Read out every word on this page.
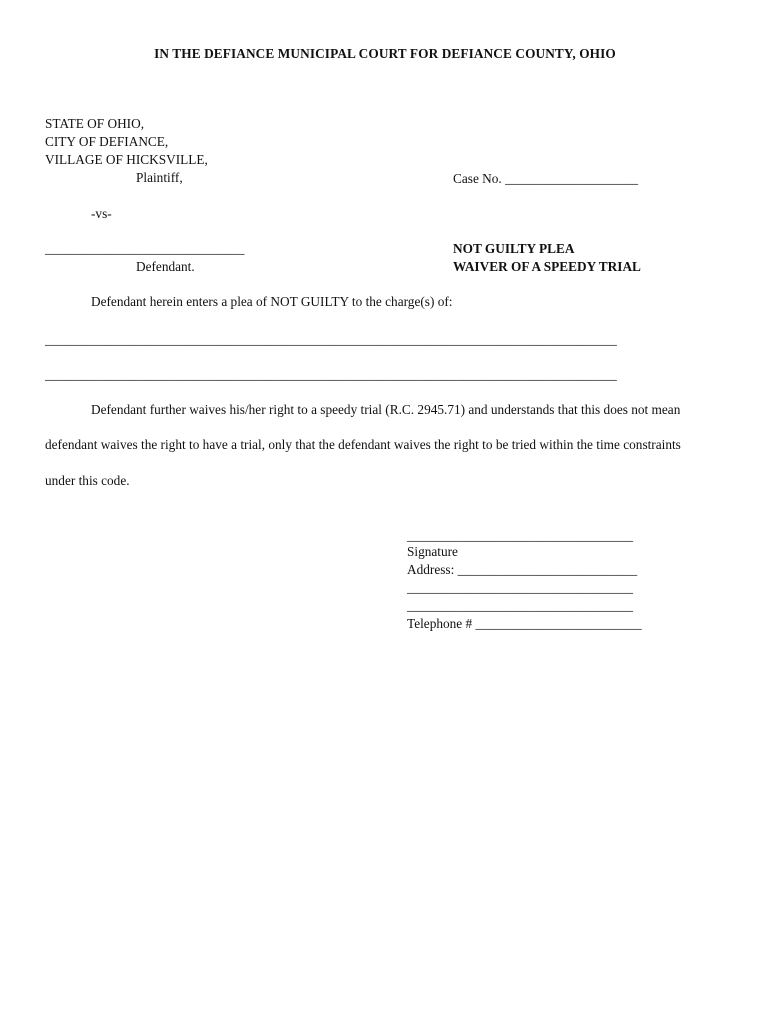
IN THE DEFIANCE MUNICIPAL COURT FOR DEFIANCE COUNTY, OHIO
STATE OF OHIO,
CITY OF DEFIANCE,
VILLAGE OF HICKSVILLE,
Plaintiff,	Case No. ____________________
-vs-
______________________________	NOT GUILTY PLEA
Defendant.	WAIVER OF A SPEEDY TRIAL
Defendant herein enters a plea of NOT GUILTY to the charge(s) of:
______________________________________________________________________________________
______________________________________________________________________________________
Defendant further waives his/her right to a speedy trial (R.C. 2945.71) and understands that this does not mean
defendant waives the right to have a trial, only that the defendant waives the right to be tried within the time constraints
under this code.
__________________________________
Signature
Address: ___________________________
__________________________________
__________________________________
Telephone # _________________________
